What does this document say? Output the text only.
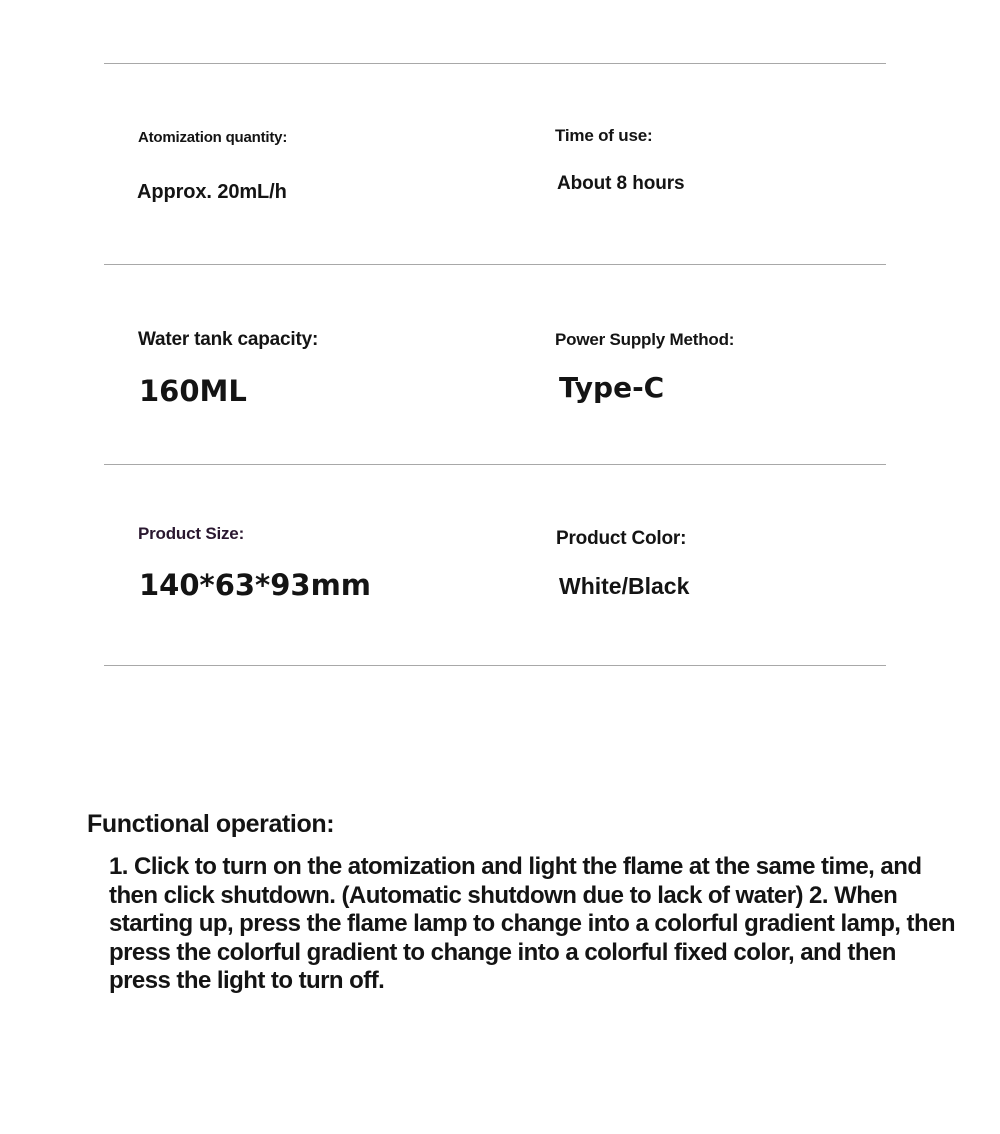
Atomization quantity:
Approx. 20mL/h
Time of use:
About 8 hours
Water tank capacity:
160ML
Power Supply Method:
Type-C
Product Size:
140*63*93mm
Product Color:
White/Black
Functional operation:

1. Click to turn on the atomization and light the flame at the same time, and then click shutdown. (Automatic shutdown due to lack of water) 2. When starting up, press the flame lamp to change into a colorful gradient lamp, then press the colorful gradient to change into a colorful fixed color, and then press the light to turn off.
